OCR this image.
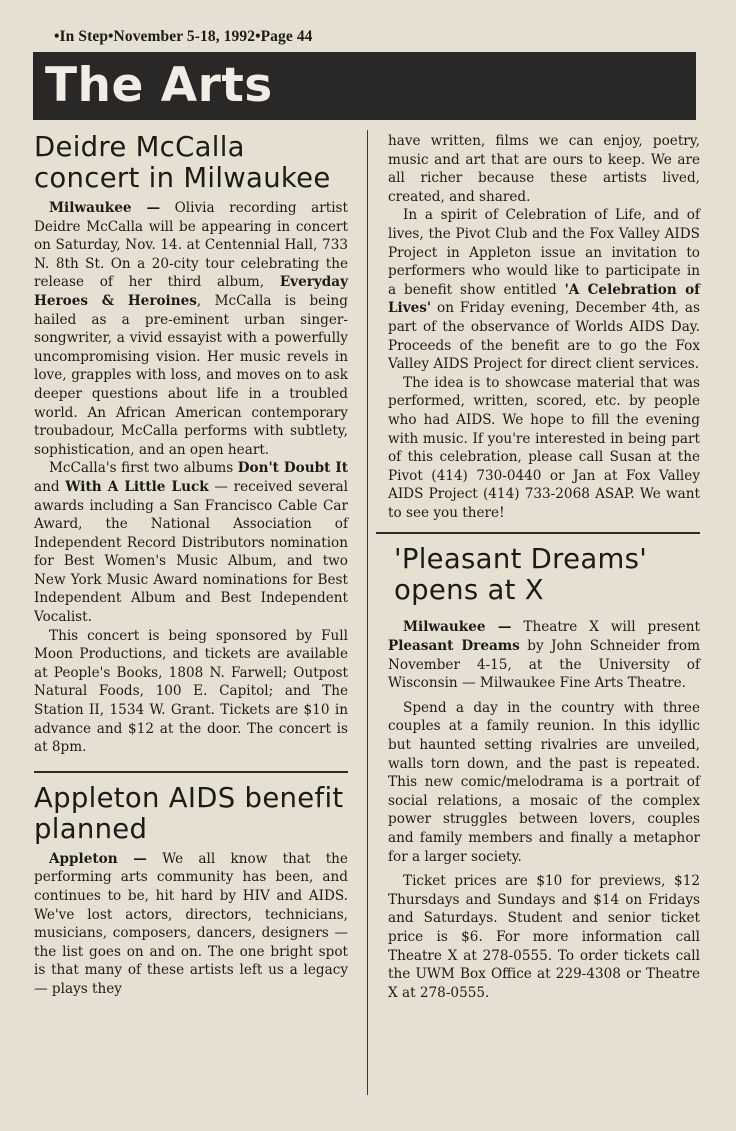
•In Step•November 5-18, 1992•Page 44
The Arts
Deidre McCalla concert in Milwaukee

Milwaukee — Olivia recording artist Deidre McCalla will be appearing in concert on Saturday, Nov. 14. at Centennial Hall, 733 N. 8th St. On a 20-city tour celebrating the release of her third album, Everyday Heroes & Heroines, McCalla is being hailed as a pre-eminent urban singer-songwriter, a vivid essayist with a powerfully uncompromising vision. Her music revels in love, grapples with loss, and moves on to ask deeper questions about life in a troubled world. An African American contemporary troubadour, McCalla performs with subtlety, sophistication, and an open heart.

McCalla's first two albums Don't Doubt It and With A Little Luck — received several awards including a San Francisco Cable Car Award, the National Association of Independent Record Distributors nomination for Best Women's Music Album, and two New York Music Award nominations for Best Independent Album and Best Independent Vocalist.

This concert is being sponsored by Full Moon Productions, and tickets are available at People's Books, 1808 N. Farwell; Outpost Natural Foods, 100 E. Capitol; and The Station II, 1534 W. Grant. Tickets are $10 in advance and $12 at the door. The concert is at 8pm.

Appleton AIDS benefit planned

Appleton — We all know that the performing arts community has been, and continues to be, hit hard by HIV and AIDS. We've lost actors, directors, technicians, musicians, composers, dancers, designers — the list goes on and on. The one bright spot is that many of these artists left us a legacy — plays they

have written, films we can enjoy, poetry, music and art that are ours to keep. We are all richer because these artists lived, created, and shared.

In a spirit of Celebration of Life, and of lives, the Pivot Club and the Fox Valley AIDS Project in Appleton issue an invitation to performers who would like to participate in a benefit show entitled 'A Celebration of Lives' on Friday evening, December 4th, as part of the observance of Worlds AIDS Day. Proceeds of the benefit are to go the Fox Valley AIDS Project for direct client services.

The idea is to showcase material that was performed, written, scored, etc. by people who had AIDS. We hope to fill the evening with music. If you're interested in being part of this celebration, please call Susan at the Pivot (414) 730-0440 or Jan at Fox Valley AIDS Project (414) 733-2068 ASAP. We want to see you there!

'Pleasant Dreams' opens at X

Milwaukee — Theatre X will present Pleasant Dreams by John Schneider from November 4-15, at the University of Wisconsin — Milwaukee Fine Arts Theatre.

Spend a day in the country with three couples at a family reunion. In this idyllic but haunted setting rivalries are unveiled, walls torn down, and the past is repeated. This new comic/melodrama is a portrait of social relations, a mosaic of the complex power struggles between lovers, couples and family members and finally a metaphor for a larger society.

Ticket prices are $10 for previews, $12 Thursdays and Sundays and $14 on Fridays and Saturdays. Student and senior ticket price is $6. For more information call Theatre X at 278-0555. To order tickets call the UWM Box Office at 229-4308 or Theatre X at 278-0555.
